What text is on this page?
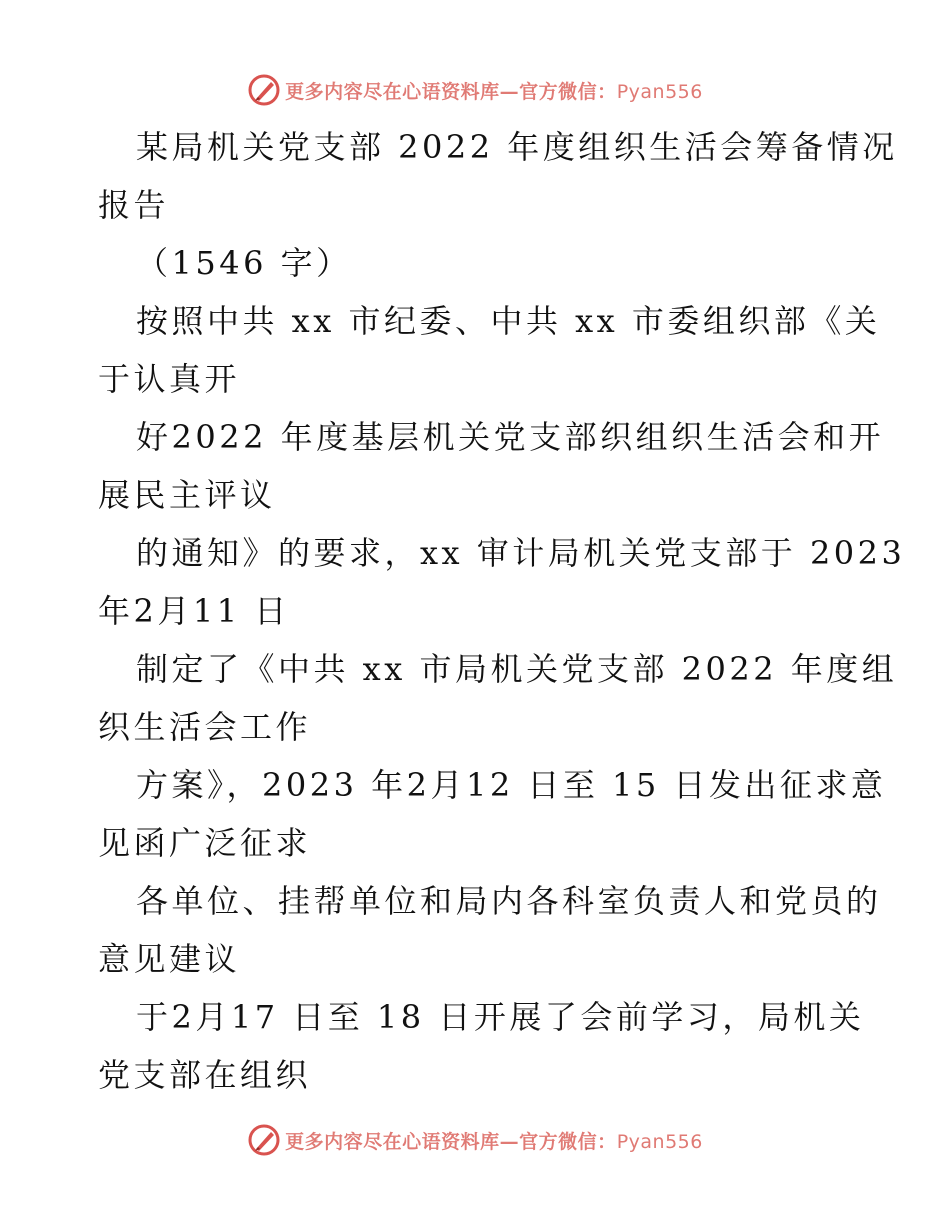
更多内容尽在心语资料库—官方微信：Pyan556
某局机关党支部 2022 年度组织生活会筹备情况
报告
（1546 字）
按照中共 xx 市纪委、中共 xx 市委组织部《关
于认真开
好2022 年度基层机关党支部织组织生活会和开
展民主评议
的通知》的要求，xx 审计局机关党支部于 2023
年2月11 日
制定了《中共 xx 市局机关党支部 2022 年度组
织生活会工作
方案》，2023 年2月12 日至 15 日发出征求意
见函广泛征求
各单位、挂帮单位和局内各科室负责人和党员的
意见建议
于2月17 日至 18 日开展了会前学习，局机关
党支部在组织
更多内容尽在心语资料库—官方微信：Pyan556
